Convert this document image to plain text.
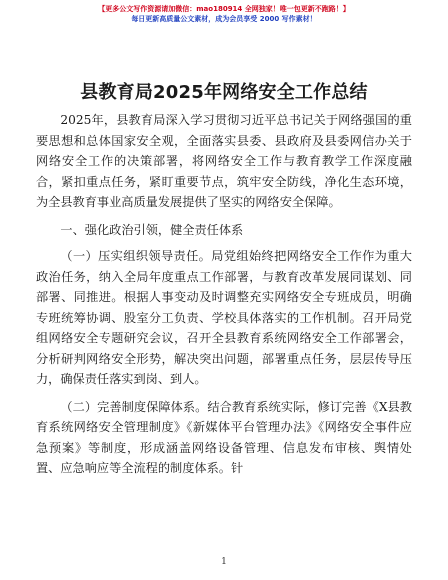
【更多公文写作资源请加微信：mao180914 全网独家！唯一包更新不跑路！】
每日更新高质量公文素材，成为会员享受 2000 写作素材！
县教育局2025年网络安全工作总结

2025年，县教育局深入学习贯彻习近平总书记关于网络强国的重要思想和总体国家安全观，全面落实县委、县政府及县委网信办关于网络安全工作的决策部署，将网络安全工作与教育教学工作深度融合，紧扣重点任务，紧盯重要节点，筑牢安全防线，净化生态环境，为全县教育事业高质量发展提供了坚实的网络安全保障。

一、强化政治引领，健全责任体系

（一）压实组织领导责任。局党组始终把网络安全工作作为重大政治任务，纳入全局年度重点工作部署，与教育改革发展同谋划、同部署、同推进。根据人事变动及时调整充实网络安全专班成员，明确专班统筹协调、股室分工负责、学校具体落实的工作机制。召开局党组网络安全专题研究会议，召开全县教育系统网络安全工作部署会，分析研判网络安全形势，解决突出问题，部署重点任务，层层传导压力，确保责任落实到岗、到人。

（二）完善制度保障体系。结合教育系统实际，修订完善《X县教育系统网络安全管理制度》《新媒体平台管理办法》《网络安全事件应急预案》等制度，形成涵盖网络设备管理、信息发布审核、舆情处置、应急响应等全流程的制度体系。针

1
